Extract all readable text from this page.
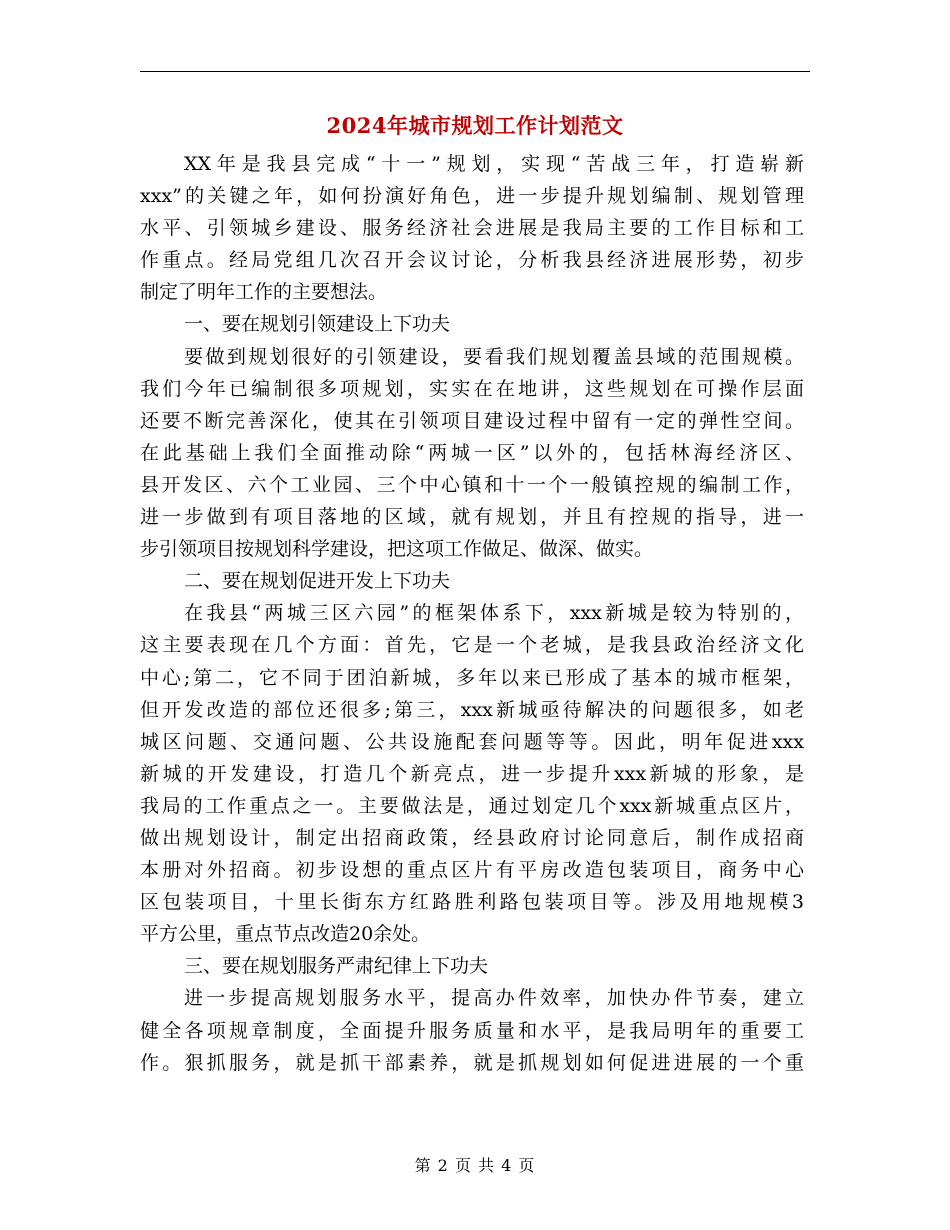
2024年城市规划工作计划范文
XX年是我县完成“十一”规划，实现“苦战三年，打造崭新
xxx”的关键之年，如何扮演好角色，进一步提升规划编制、规划管理
水平、引领城乡建设、服务经济社会进展是我局主要的工作目标和工
作重点。经局党组几次召开会议讨论，分析我县经济进展形势，初步
制定了明年工作的主要想法。
一、要在规划引领建设上下功夫
要做到规划很好的引领建设，要看我们规划覆盖县域的范围规模。
我们今年已编制很多项规划，实实在在地讲，这些规划在可操作层面
还要不断完善深化，使其在引领项目建设过程中留有一定的弹性空间。
在此基础上我们全面推动除“两城一区”以外的，包括林海经济区、
县开发区、六个工业园、三个中心镇和十一个一般镇控规的编制工作，
进一步做到有项目落地的区域，就有规划，并且有控规的指导，进一
步引领项目按规划科学建设，把这项工作做足、做深、做实。
二、要在规划促进开发上下功夫
在我县“两城三区六园”的框架体系下，xxx新城是较为特别的，
这主要表现在几个方面：首先，它是一个老城，是我县政治经济文化
中心;第二，它不同于团泊新城，多年以来已形成了基本的城市框架，
但开发改造的部位还很多;第三，xxx新城亟待解决的问题很多，如老
城区问题、交通问题、公共设施配套问题等等。因此，明年促进xxx
新城的开发建设，打造几个新亮点，进一步提升xxx新城的形象，是
我局的工作重点之一。主要做法是，通过划定几个xxx新城重点区片，
做出规划设计，制定出招商政策，经县政府讨论同意后，制作成招商
本册对外招商。初步设想的重点区片有平房改造包装项目，商务中心
区包装项目，十里长街东方红路胜利路包装项目等。涉及用地规模3
平方公里，重点节点改造20余处。
三、要在规划服务严肃纪律上下功夫
进一步提高规划服务水平，提高办件效率，加快办件节奏，建立
健全各项规章制度，全面提升服务质量和水平，是我局明年的重要工
作。狠抓服务，就是抓干部素养，就是抓规划如何促进进展的一个重
第 2 页 共 4 页
